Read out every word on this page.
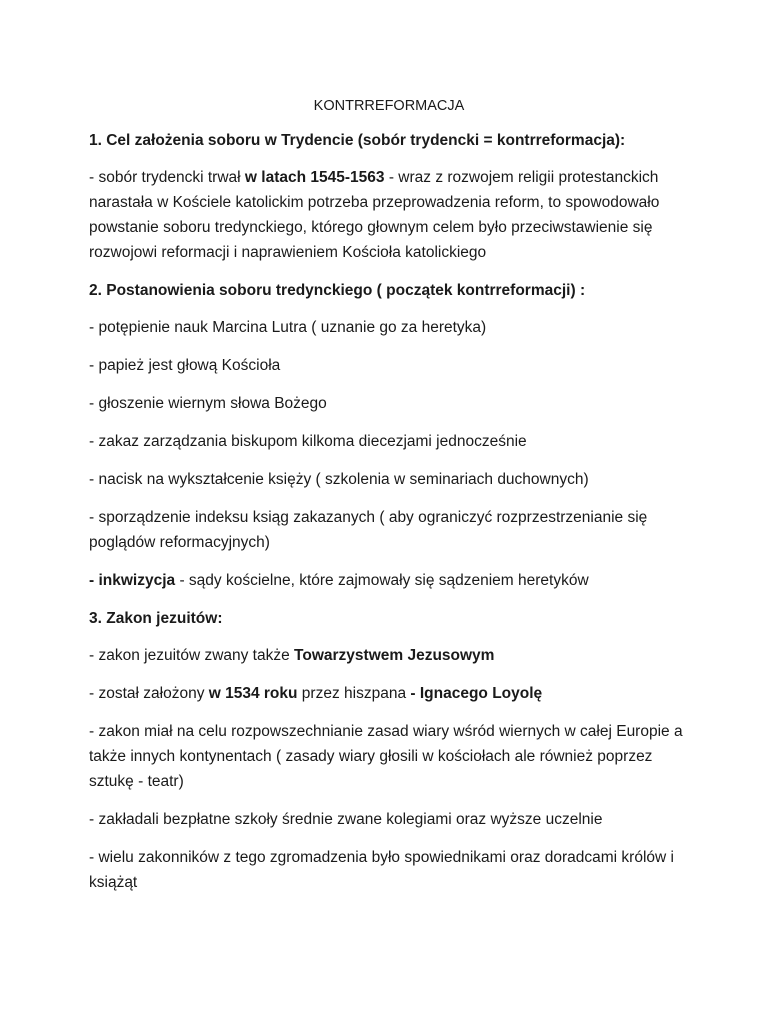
KONTRREFORMACJA
1. Cel założenia soboru w Trydencie (sobór trydencki = kontrreformacja):
- sobór trydencki trwał w latach 1545-1563 - wraz z rozwojem religii protestanckich narastała w Kościele katolickim potrzeba przeprowadzenia reform, to spowodowało powstanie soboru tredynckiego, którego głownym celem było przeciwstawienie się rozwojowi reformacji i naprawieniem Kościoła katolickiego
2. Postanowienia soboru tredynckiego ( początek kontrreformacji) :
- potępienie nauk Marcina Lutra ( uznanie go za heretyka)
- papież jest głową Kościoła
- głoszenie wiernym słowa Bożego
- zakaz zarządzania biskupom kilkoma diecezjami jednocześnie
- nacisk na wykształcenie księży ( szkolenia w seminariach duchownych)
- sporządzenie indeksu ksiąg zakazanych ( aby ograniczyć rozprzestrzenianie się poglądów reformacyjnych)
- inkwizycja - sądy kościelne, które zajmowały się sądzeniem heretyków
3. Zakon jezuitów:
- zakon jezuitów zwany także Towarzystwem Jezusowym
- został założony w 1534 roku przez hiszpana - Ignacego Loyolę
- zakon miał na celu rozpowszechnianie zasad wiary wśród wiernych w całej Europie a także innych kontynentach ( zasady wiary głosili w kościołach ale również poprzez sztukę - teatr)
- zakładali bezpłatne szkoły średnie zwane kolegiami oraz wyższe uczelnie
- wielu zakonników z tego zgromadzenia było spowiednikami oraz doradcami królów i książąt
